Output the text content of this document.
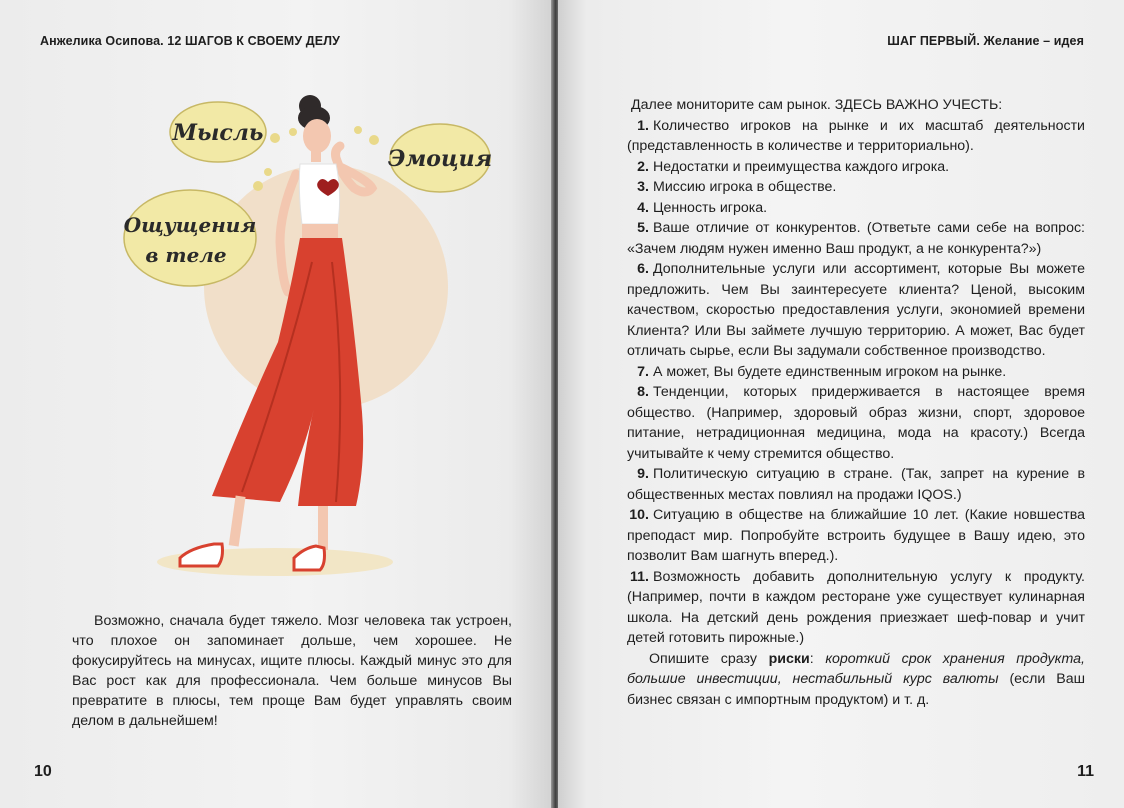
Анжелика Осипова. 12 ШАГОВ К СВОЕМУ ДЕЛУ
Мысль
Эмоция
Ощущения
в теле

Возможно, сначала будет тяжело. Мозг человека так устроен, что плохое он запоминает дольше, чем хорошее. Не фокусируйтесь на минусах, ищите плюсы. Каждый минус это для Вас рост как для профессионала. Чем больше минусов Вы превратите в плюсы, тем проще Вам будет управлять своим делом в дальнейшем!

10
ШАГ ПЕРВЫЙ. Желание – идея

Далее мониторите сам рынок. ЗДЕСЬ ВАЖНО УЧЕСТЬ:

1. Количество игроков на рынке и их масштаб деятельности (представленность в количестве и территориально).

2. Недостатки и преимущества каждого игрока.

3. Миссию игрока в обществе.

4. Ценность игрока.

5. Ваше отличие от конкурентов. (Ответьте сами себе на вопрос: «Зачем людям нужен именно Ваш продукт, а не конкурента?»)

6. Дополнительные услуги или ассортимент, которые Вы можете предложить. Чем Вы заинтересуете клиента? Ценой, высоким качеством, скоростью предоставления услуги, экономией времени Клиента? Или Вы займете лучшую территорию. А может, Вас будет отличать сырье, если Вы задумали собственное производство.

7. А может, Вы будете единственным игроком на рынке.

8. Тенденции, которых придерживается в настоящее время общество. (Например, здоровый образ жизни, спорт, здоровое питание, нетрадиционная медицина, мода на красоту.) Всегда учитывайте к чему стремится общество.

9. Политическую ситуацию в стране. (Так, запрет на курение в общественных местах повлиял на продажи IQOS.)

10. Ситуацию в обществе на ближайшие 10 лет. (Какие новшества преподаст мир. Попробуйте встроить будущее в Вашу идею, это позволит Вам шагнуть вперед.).

11. Возможность добавить дополнительную услугу к продукту. (Например, почти в каждом ресторане уже существует кулинарная школа. На детский день рождения приезжает шеф-повар и учит детей готовить пирожные.)

Опишите сразу риски: короткий срок хранения продукта, большие инвестиции, нестабильный курс валюты (если Ваш бизнес связан с импортным продуктом) и т. д.

11
